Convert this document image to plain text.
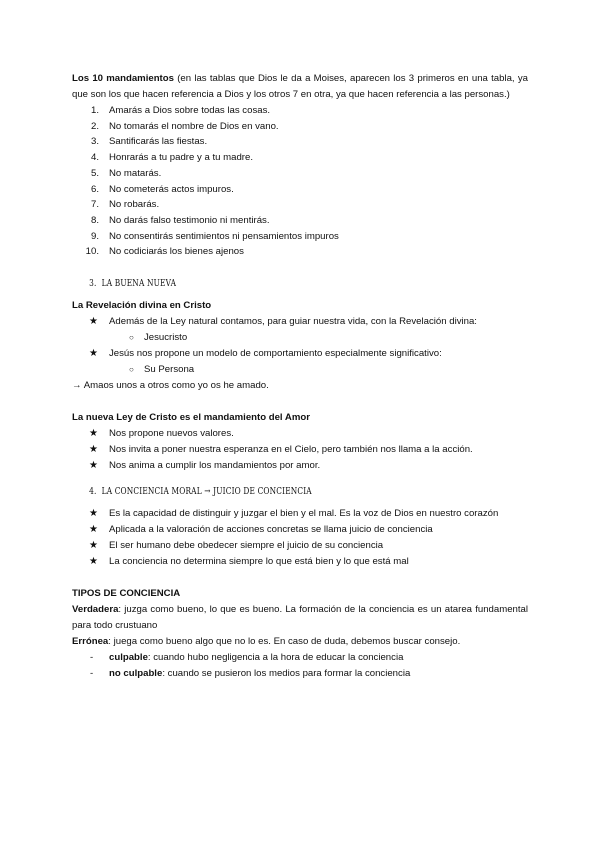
Los 10 mandamientos (en las tablas que Dios le da a Moises, aparecen los 3 primeros en una tabla, ya que son los que hacen referencia a Dios y los otros 7 en otra, ya que hacen referencia a las personas.)

1. Amarás a Dios sobre todas las cosas.
2. No tomarás el nombre de Dios en vano.
3. Santificarás las fiestas.
4. Honrarás a tu padre y a tu madre.
5. No matarás.
6. No cometerás actos impuros.
7. No robarás.
8. No darás falso testimonio ni mentirás.
9. No consentirás sentimientos ni pensamientos impuros
10. No codiciarás los bienes ajenos
3. LA BUENA NUEVA

La Revelación divina en Cristo

★ Además de la Ley natural contamos, para guiar nuestra vida, con la Revelación divina:
○ Jesucristo
★ Jesús nos propone un modelo de comportamiento especialmente significativo:
○ Su Persona

→ Amaos unos a otros como yo os he amado.

La nueva Ley de Cristo es el mandamiento del Amor

★ Nos propone nuevos valores.
★ Nos invita a poner nuestra esperanza en el Cielo, pero también nos llama a la acción.
★ Nos anima a cumplir los mandamientos por amor.
4. LA CONCIENCIA MORAL → JUICIO DE CONCIENCIA
★ Es la capacidad de distinguir y juzgar el bien y el mal. Es la voz de Dios en nuestro corazón
★ Aplicada a la valoración de acciones concretas se llama juicio de conciencia
★ El ser humano debe obedecer siempre el juicio de su conciencia
★ La conciencia no determina siempre lo que está bien y lo que está mal

TIPOS DE CONCIENCIA

Verdadera: juzga como bueno, lo que es bueno. La formación de la conciencia es un atarea fundamental para todo crustuano

Errónea: juega como bueno algo que no lo es. En caso de duda, debemos buscar consejo.

- culpable: cuando hubo negligencia a la hora de educar la conciencia
- no culpable: cuando se pusieron los medios para formar la conciencia
